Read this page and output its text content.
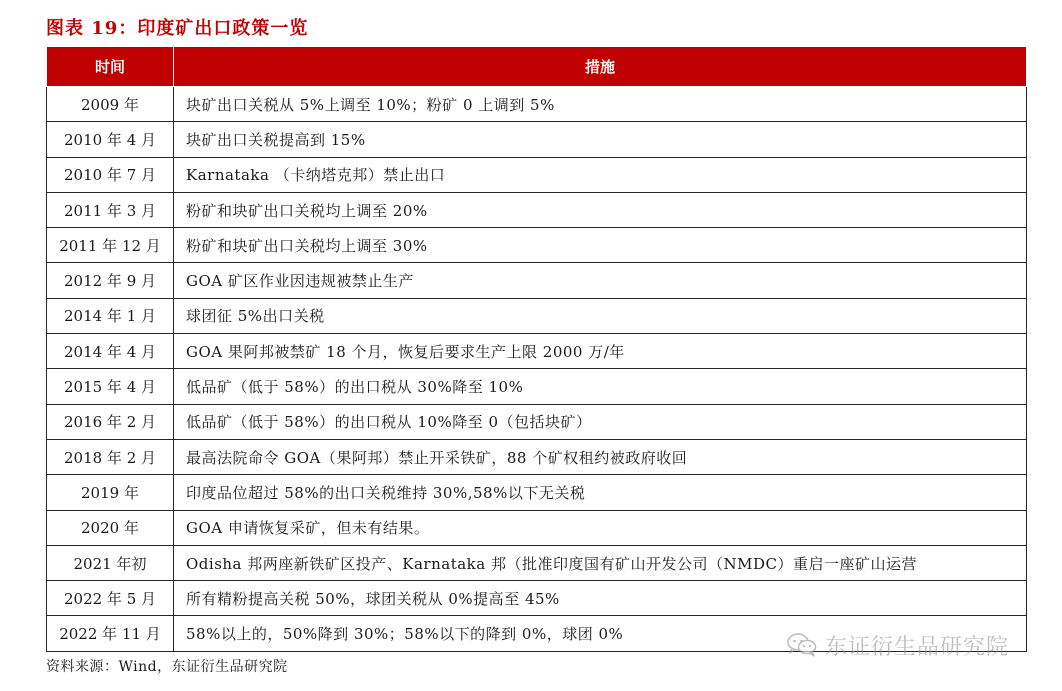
图表 19：印度矿出口政策一览
时间	措施
2009 年	块矿出口关税从 5%上调至 10%；粉矿 0 上调到 5%
2010 年 4 月	块矿出口关税提高到 15%
2010 年 7 月	Karnataka （卡纳塔克邦）禁止出口
2011 年 3 月	粉矿和块矿出口关税均上调至 20%
2011 年 12 月	粉矿和块矿出口关税均上调至 30%
2012 年 9 月	GOA 矿区作业因违规被禁止生产
2014 年 1 月	球团征 5%出口关税
2014 年 4 月	GOA 果阿邦被禁矿 18 个月，恢复后要求生产上限 2000 万/年
2015 年 4 月	低品矿（低于 58%）的出口税从 30%降至 10%
2016 年 2 月	低品矿（低于 58%）的出口税从 10%降至 0（包括块矿）
2018 年 2 月	最高法院命令 GOA（果阿邦）禁止开采铁矿，88 个矿权租约被政府收回
2019 年	印度品位超过 58%的出口关税维持 30%,58%以下无关税
2020 年	GOA 申请恢复采矿，但未有结果。
2021 年初	Odisha 邦两座新铁矿区投产、Karnataka 邦（批准印度国有矿山开发公司（NMDC）重启一座矿山运营
2022 年 5 月	所有精粉提高关税 50%，球团关税从 0%提高至 45%
2022 年 11 月	58%以上的，50%降到 30%；58%以下的降到 0%，球团 0%
资料来源：Wind，东证衍生品研究院
东证衍生品研究院
